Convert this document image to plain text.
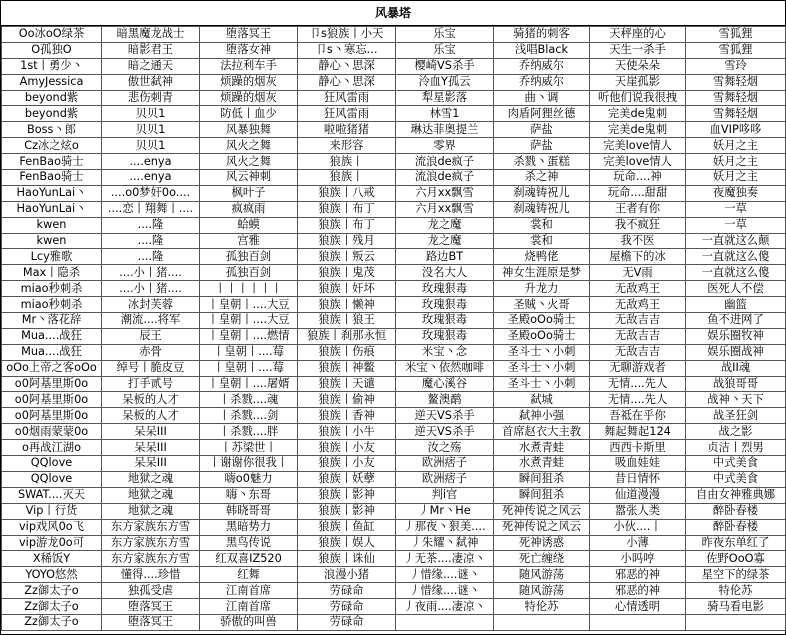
风暴塔
Oo冰oO绿茶	暗黑魔龙战士	堕落冥王	卩s狼族丨小天	乐宝	骑猪的刺客	天秤座的心	雪狐狸
O孤独O	暗影君王	堕落女神	卩s丶寒忘...	乐宝	浅唱Black	天生一杀手	雪狐狸
1st丨勇少丶	暗之通天	法拉利车手	静心丶思深	樱崎VS杀手	乔纳威尔	天使朵朵	雪玲
AmyJessica	傲世弑神	烦躁的烟灰	静心丶思深	泠血Y孤云	乔纳威尔	天崖孤影	雪舞轻烟
beyond紫	悲伤刺青	烦躁的烟灰	狂风雷雨	犁星影落	曲丶调	听他们说我很拽	雪舞轻烟
beyond紫	贝贝1	防低丨血少	狂风雷雨	林雪1	肉盾阿狸丝德	完美de鬼刺	雪舞轻烟
Boss丶郎	贝贝1	风暴独舞	啦啦猪猪	琳达菲奥提兰	萨盐	完美de鬼刺	血VIP哆哆
Cz冰之炫o	贝贝1	风火之舞	来形容	零界	萨盐	完美love情人	妖月之主
FenBao骑士	....enya	风火之舞	狼族丨	流浪de疯子	杀戮丶蛋糕	完美love情人	妖月之主
FenBao骑士	....enya	风云神刺	狼族丨	流浪de疯子	杀之神	玩命....神	妖月之主
HaoYunLai丶	....o0梦奸0o....	枫叶子	狼族丨八戒	六月xx飘雪	刹魂铸祝儿	玩命....甜甜	夜魔独奏
HaoYunLai丶	....恋丨翔舞丨....	疯疯雨	狼族丨布丁	六月xx飘雪	刹魂铸祝儿	王者有你	一草
kwen	....隆	蛤蟆	狼族丨布丁	龙之魔	裳和	我不疯狂	一草
kwen	....隆	宫雅	狼族丨残月	龙之魔	裳和	我不医	一直就这么颠
Lcy雅歌	....隆	孤独百剑	狼族丨叛云	路边BT	烧鸭佬	屋檐下的冰	一直就这么傻
Max丨隐杀	....小丨猪....	孤独百剑	狼族丨鬼茂	没名大人	神女生涯原是梦	无V雨	一直就这么傻
miao秒刺杀	....小丨猪....	丨丨丨丨丨丨	狼族丨奸坏	玫瑰狠毒	升龙力	无敌鸡王	医死人不偿
miao秒刺杀	冰封芙蓉	丨皇朝丨....大豆	狼族丨懒神	玫瑰狠毒	圣贼丶火哥	无敌鸡王	幽篮
Mr丶落花辞	潮流....将军	丨皇朝丨....大豆	狼族丨狼王	玫瑰狠毒	圣殿oOo骑士	无敌吉吉	鱼不进网了
Mua....战狂	辰王	丨皇朝丨....燃情	狼族丨刹那永恒	玫瑰狠毒	圣殿oOo骑士	无敌吉吉	娱乐圈牧神
Mua....战狂	赤骨	丨皇朝丨....莓	狼族丨伤痕	米宝丶念	圣斗士丶小刺	无敌吉吉	娱乐圈战神
oOo上帝之客oOo	绰号丨脆皮豆	丨皇朝丨....莓	狼族丨神鳖	米宝丶依然咖啡	圣斗士丶小刺	无聊游戏者	战II魂
o0阿基里斯0o	打手贰号	丨皇朝丨....屠婿	狼族丨天谴	魔心溪谷	圣斗士丶小刺	无情....先人	战狼哥哥
o0阿基里斯0o	呆板的人才	丨杀戮....魂	狼族丨偷神	鳌澳鹬	弑城	无情....先人	战神丶天下
o0阿基里斯0o	呆板的人才	丨杀戮....剑	狼族丨香神	逆天VS杀手	弑神小强	吾祗在乎你	战圣狂剑
o0烟雨蒙蒙0o	呆呆III	丨杀戮....胖	狼族丨小牛	逆天VS杀手	首席赵衣大主教	舞起舞起124	战之影
o再战江湖o	呆呆III	丨苏梁世丨	狼族丨小友	汝之殇	水煮青蛙	西西卡斯里	贞洁丨烈男
QQlove	呆呆III	丨谢谢你很我丨	狼族丨小友	欧洲痞子	水煮青蛙	吸血娃娃	中式美食
QQlove	地狱之魂	嗨o0魅力	狼族丨妖孽	欧洲痞子	瞬间狙杀	昔日情怀	中式美食
SWAT....灭天	地狱之魂	嗨丶东哥	狼族丨影神	判i官	瞬间狙杀	仙道漫漫	自由女神雅典娜
Vip丨行货	地狱之魂	韩晓哥哥	狼族丨影神	丿Mr丶He	死神传说之风云	嚣张人类	醉卧春楼
vip戏风0o飞	东方家族东方雪	黑暗势力	狼族丨鱼缸	丿那夜丶狠美....	死神传说之风云	小伙....丨	醉卧春楼
vip游龙0o可	东方家族东方雪	黑鸟传说	狼族丨娱人	丿朱耀丶弑神	死神诱惑	小薄	昨夜东单红了
X稀饭Y	东方家族东方雪	红双喜IZ520	狼族丨诛仙	丿无茶....凄凉丶	死亡缠绕	小吗哼	佐野OoO寡
YOYO悠然	懂得....珍惜	红舞	浪漫小猪	丿惜缘....谜丶	随风游荡	邪恶的神	星空下的绿茶
Zz御太子o	独孤受虐	江南首席	劳碌命	丿惜缘....谜丶	随风游荡	邪恶的神	特伦苏
Zz御太子o	堕落冥王	江南首席	劳碌命	丿夜雨....凄凉丶	特伦苏	心情透明	骑马看电影
Zz御太子o	堕落冥王	骄傲的叫兽	劳碌命				
